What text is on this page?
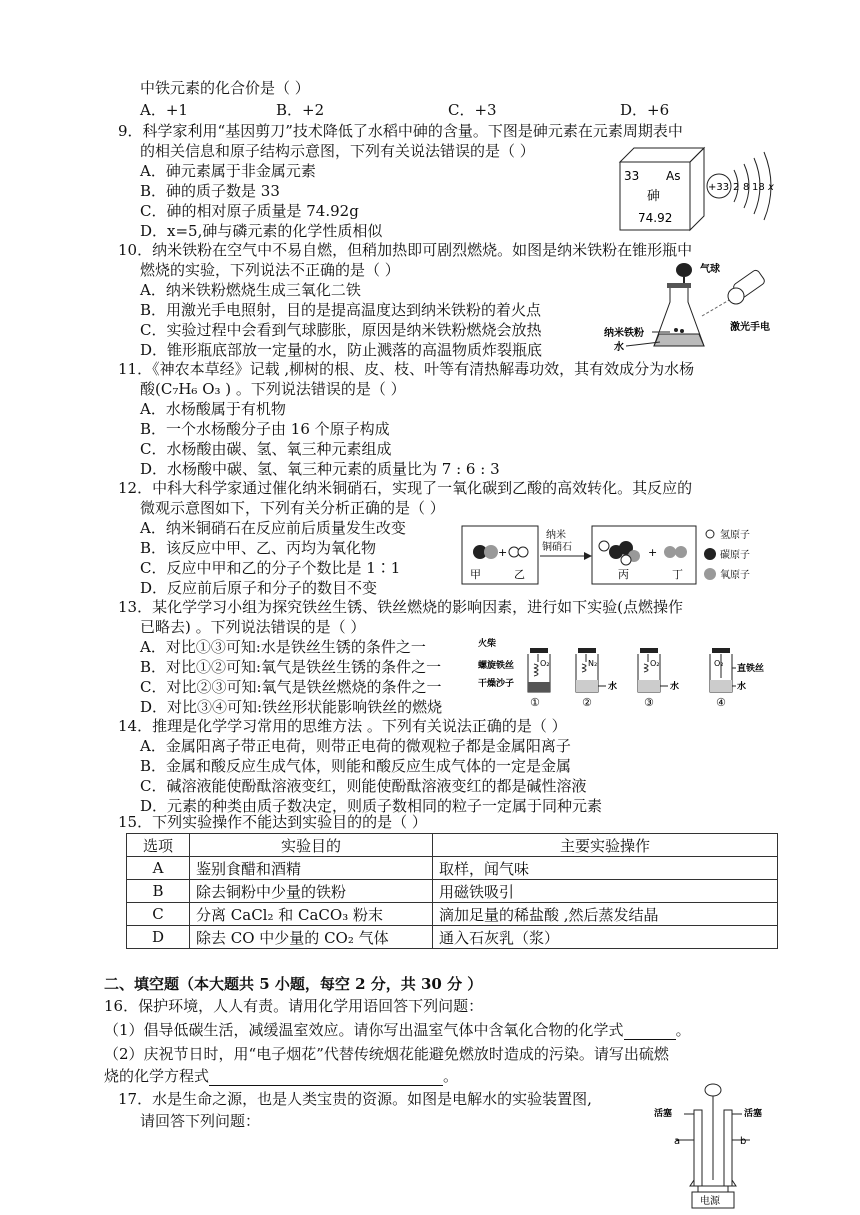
中铁元素的化合价是（ ）
A．+1	B．+2	C．+3	D．+6
9．科学家利用“基因剪刀”技术降低了水稻中砷的含量。下图是砷元素在元素周期表中
的相关信息和原子结构示意图，下列有关说法错误的是（ ）
A．砷元素属于非金属元素
B．砷的质子数是 33
C．砷的相对原子质量是 74.92g
D．x=5,砷与磷元素的化学性质相似
33 As
砷
74.92
+33 2 8 18 x
10．纳米铁粉在空气中不易自燃，但稍加热即可剧烈燃烧。如图是纳米铁粉在锥形瓶中
燃烧的实验，下列说法不正确的是（ ）
A．纳米铁粉燃烧生成三氧化二铁
B．用激光手电照射，目的是提高温度达到纳米铁粉的着火点
C．实验过程中会看到气球膨胀，原因是纳米铁粉燃烧会放热
D．锥形瓶底部放一定量的水，防止溅落的高温物质炸裂瓶底
气球
激光手电
纳米铁粉
水
11．《神农本草经》记载 ,柳树的根、皮、枝、叶等有清热解毒功效，其有效成分为水杨
酸(C₇H₆ O₃ ) 。下列说法错误的是（ ）
A．水杨酸属于有机物
B．一个水杨酸分子由 16 个原子构成
C．水杨酸由碳、氢、氧三种元素组成
D．水杨酸中碳、氢、氧三种元素的质量比为 7 : 6 : 3
12．中科大科学家通过催化纳米铜硝石，实现了一氧化碳到乙酸的高效转化。其反应的
微观示意图如下，下列有关分析正确的是（ ）
A．纳米铜硝石在反应前后质量发生改变
B．该反应中甲、乙、丙均为氧化物
C．反应中甲和乙的分子个数比是 1∶1
D．反应前后原子和分子的数目不变
+
甲	乙
纳米
铜硝石	+
丙	丁
氢原子
碳原子
氧原子
13．某化学学习小组为探究铁丝生锈、铁丝燃烧的影响因素，进行如下实验(点燃操作
已略去) 。下列说法错误的是（ ）
A．对比①③可知:水是铁丝生锈的条件之一
B．对比①②可知:氧气是铁丝生锈的条件之一
C．对比②③可知:氧气是铁丝燃烧的条件之一
D．对比③④可知:铁丝形状能影响铁丝的燃烧
火柴
螺旋铁丝
干燥沙子
O₂	N₂
水
O₂
水
O₂
直铁丝
水
①	②	③	④
14．推理是化学学习常用的思维方法 。下列有关说法正确的是（ ）
A．金属阳离子带正电荷，则带正电荷的微观粒子都是金属阳离子
B．金属和酸反应生成气体，则能和酸反应生成气体的一定是金属
C．碱溶液能使酚酞溶液变红，则能使酚酞溶液变红的都是碱性溶液
D．元素的种类由质子数决定，则质子数相同的粒子一定属于同种元素
15．下列实验操作不能达到实验目的的是（ ）
选项	实验目的	主要实验操作
A	鉴别食醋和酒精	取样，闻气味
B	除去铜粉中少量的铁粉	用磁铁吸引
C	分离 CaCl₂ 和 CaCO₃ 粉末	滴加足量的稀盐酸 ,然后蒸发结晶
D	除去 CO 中少量的 CO₂ 气体	通入石灰乳（浆）
二、填空题（本大题共 5 小题，每空 2 分，共 30 分 ）
16．保护环境，人人有责。请用化学用语回答下列问题：
（1）倡导低碳生活，减缓温室效应。请你写出温室气体中含氧化合物的化学式	。
（2）庆祝节日时，用“电子烟花”代替传统烟花能避免燃放时造成的污染。请写出硫燃
烧的化学方程式	。
17．水是生命之源，也是人类宝贵的资源。如图是电解水的实验装置图,
请回答下列问题：	活塞	活塞
a	b
电源
